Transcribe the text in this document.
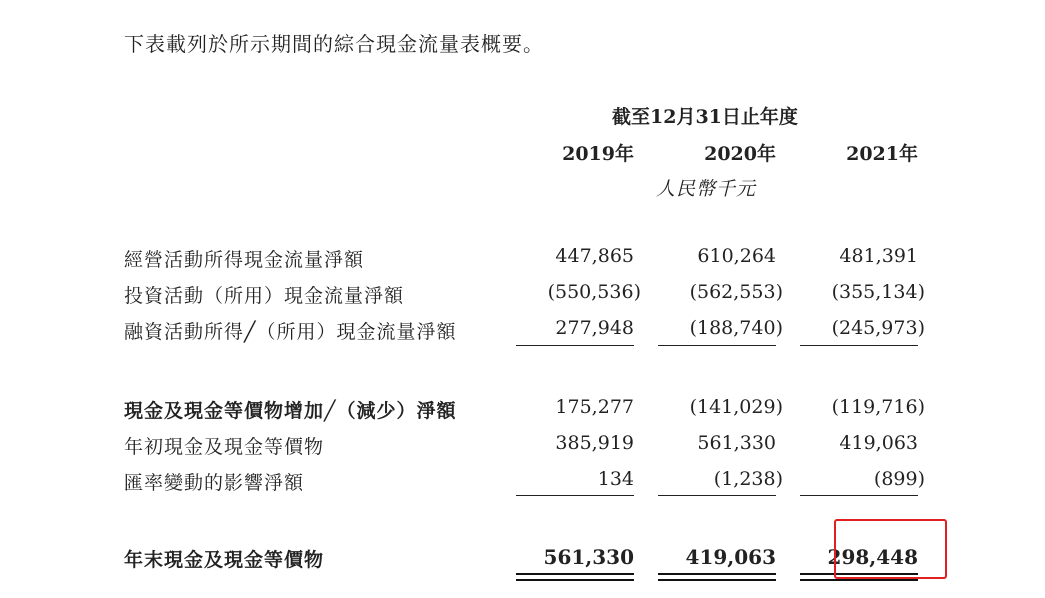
下表載列於所示期間的綜合現金流量表概要。
截至12月31日止年度
2019年	2020年	2021年
人民幣千元
經營活動所得現金流量淨額	447,865	610,264	481,391
投資活動（所用）現金流量淨額	(550,536)	(562,553)	(355,134)
融資活動所得╱（所用）現金流量淨額	277,948	(188,740)	(245,973)
現金及現金等價物增加╱（減少）淨額	175,277	(141,029)	(119,716)
年初現金及現金等價物	385,919	561,330	419,063
匯率變動的影響淨額	134	(1,238)	(899)
年末現金及現金等價物	561,330	419,063	298,448
